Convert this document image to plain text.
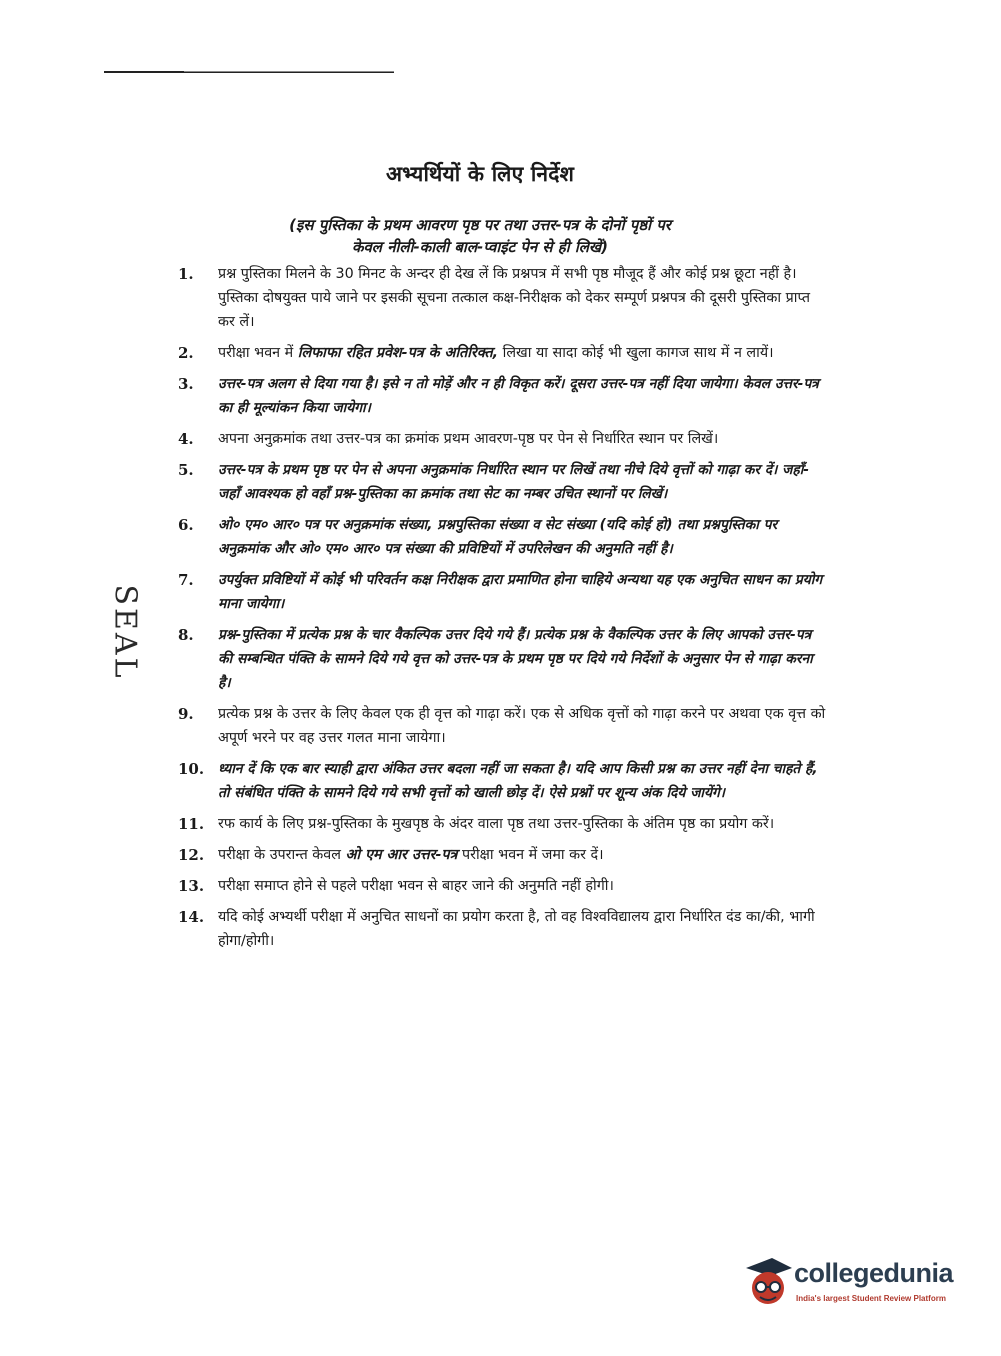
अभ्यर्थियों के लिए निर्देश
(इस पुस्तिका के प्रथम आवरण पृष्ठ पर तथा उत्तर-पत्र के दोनों पृष्ठों पर
केवल नीली-काली बाल-प्वाइंट पेन से ही लिखें)
SEAL
1. प्रश्न पुस्तिका मिलने के 30 मिनट के अन्दर ही देख लें कि प्रश्नपत्र में सभी पृष्ठ मौजूद हैं और कोई प्रश्न छूटा नहीं है। पुस्तिका दोषयुक्त पाये जाने पर इसकी सूचना तत्काल कक्ष-निरीक्षक को देकर सम्पूर्ण प्रश्नपत्र की दूसरी पुस्तिका प्राप्त कर लें।
2. परीक्षा भवन में लिफाफा रहित प्रवेश-पत्र के अतिरिक्त, लिखा या सादा कोई भी खुला कागज साथ में न लायें।
3. उत्तर-पत्र अलग से दिया गया है। इसे न तो मोड़ें और न ही विकृत करें। दूसरा उत्तर-पत्र नहीं दिया जायेगा। केवल उत्तर-पत्र का ही मूल्यांकन किया जायेगा।
4. अपना अनुक्रमांक तथा उत्तर-पत्र का क्रमांक प्रथम आवरण-पृष्ठ पर पेन से निर्धारित स्थान पर लिखें।
5. उत्तर-पत्र के प्रथम पृष्ठ पर पेन से अपना अनुक्रमांक निर्धारित स्थान पर लिखें तथा नीचे दिये वृत्तों को गाढ़ा कर दें। जहाँ-जहाँ आवश्यक हो वहाँ प्रश्न-पुस्तिका का क्रमांक तथा सेट का नम्बर उचित स्थानों पर लिखें।
6. ओ० एम० आर० पत्र पर अनुक्रमांक संख्या, प्रश्नपुस्तिका संख्या व सेट संख्या (यदि कोई हो) तथा प्रश्नपुस्तिका पर अनुक्रमांक और ओ० एम० आर० पत्र संख्या की प्रविष्टियों में उपरिलेखन की अनुमति नहीं है।
7. उपर्युक्त प्रविष्टियों में कोई भी परिवर्तन कक्ष निरीक्षक द्वारा प्रमाणित होना चाहिये अन्यथा यह एक अनुचित साधन का प्रयोग माना जायेगा।
8. प्रश्न-पुस्तिका में प्रत्येक प्रश्न के चार वैकल्पिक उत्तर दिये गये हैं। प्रत्येक प्रश्न के वैकल्पिक उत्तर के लिए आपको उत्तर-पत्र की सम्बन्धित पंक्ति के सामने दिये गये वृत्त को उत्तर-पत्र के प्रथम पृष्ठ पर दिये गये निर्देशों के अनुसार पेन से गाढ़ा करना है।
9. प्रत्येक प्रश्न के उत्तर के लिए केवल एक ही वृत्त को गाढ़ा करें। एक से अधिक वृत्तों को गाढ़ा करने पर अथवा एक वृत्त को अपूर्ण भरने पर वह उत्तर गलत माना जायेगा।
10. ध्यान दें कि एक बार स्याही द्वारा अंकित उत्तर बदला नहीं जा सकता है। यदि आप किसी प्रश्न का उत्तर नहीं देना चाहते हैं, तो संबंधित पंक्ति के सामने दिये गये सभी वृत्तों को खाली छोड़ दें। ऐसे प्रश्नों पर शून्य अंक दिये जायेंगे।
11. रफ कार्य के लिए प्रश्न-पुस्तिका के मुखपृष्ठ के अंदर वाला पृष्ठ तथा उत्तर-पुस्तिका के अंतिम पृष्ठ का प्रयोग करें।
12. परीक्षा के उपरान्त केवल ओ एम आर उत्तर-पत्र परीक्षा भवन में जमा कर दें।
13. परीक्षा समाप्त होने से पहले परीक्षा भवन से बाहर जाने की अनुमति नहीं होगी।
14. यदि कोई अभ्यर्थी परीक्षा में अनुचित साधनों का प्रयोग करता है, तो वह विश्वविद्यालय द्वारा निर्धारित दंड का/की, भागी होगा/होगी।
collegedunia
India's largest Student Review Platform
